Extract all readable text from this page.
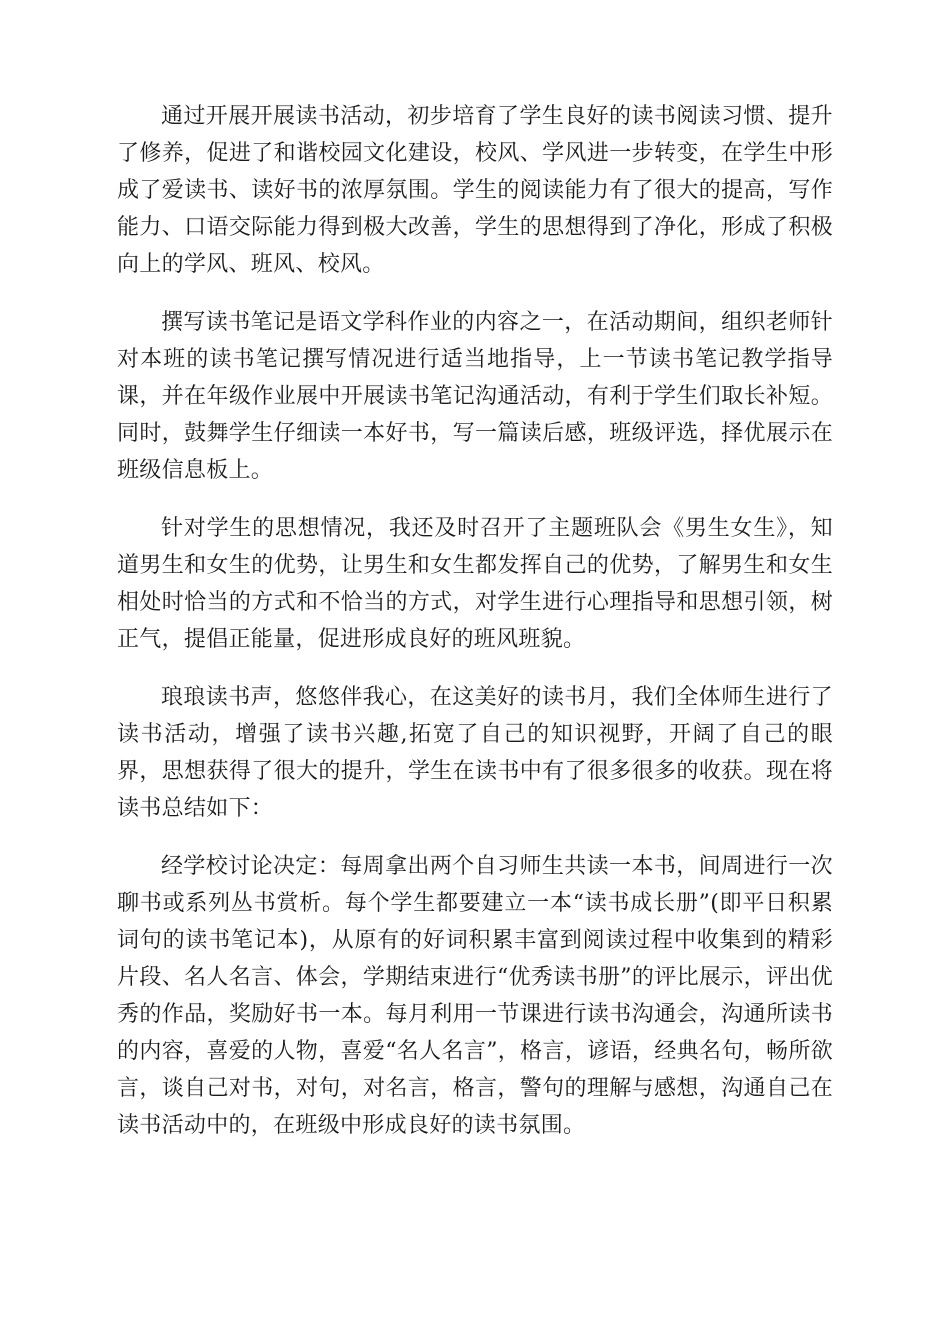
通过开展开展读书活动，初步培育了学生良好的读书阅读习惯、提升了修养，促进了和谐校园文化建设，校风、学风进一步转变，在学生中形成了爱读书、读好书的浓厚氛围。学生的阅读能力有了很大的提高，写作能力、口语交际能力得到极大改善，学生的思想得到了净化，形成了积极向上的学风、班风、校风。

撰写读书笔记是语文学科作业的内容之一，在活动期间，组织老师针对本班的读书笔记撰写情况进行适当地指导，上一节读书笔记教学指导课，并在年级作业展中开展读书笔记沟通活动，有利于学生们取长补短。同时，鼓舞学生仔细读一本好书，写一篇读后感，班级评选，择优展示在班级信息板上。

针对学生的思想情况，我还及时召开了主题班队会《男生女生》，知道男生和女生的优势，让男生和女生都发挥自己的优势，了解男生和女生相处时恰当的方式和不恰当的方式，对学生进行心理指导和思想引领，树正气，提倡正能量，促进形成良好的班风班貌。

琅琅读书声，悠悠伴我心，在这美好的读书月，我们全体师生进行了读书活动，增强了读书兴趣,拓宽了自己的知识视野，开阔了自己的眼界，思想获得了很大的提升，学生在读书中有了很多很多的收获。现在将读书总结如下：

经学校讨论决定：每周拿出两个自习师生共读一本书，间周进行一次聊书或系列丛书赏析。每个学生都要建立一本“读书成长册”(即平日积累词句的读书笔记本)，从原有的好词积累丰富到阅读过程中收集到的精彩片段、名人名言、体会，学期结束进行“优秀读书册”的评比展示，评出优秀的作品，奖励好书一本。每月利用一节课进行读书沟通会，沟通所读书的内容，喜爱的人物，喜爱“名人名言”，格言，谚语，经典名句，畅所欲言，谈自己对书，对句，对名言，格言，警句的理解与感想，沟通自己在读书活动中的，在班级中形成良好的读书氛围。
